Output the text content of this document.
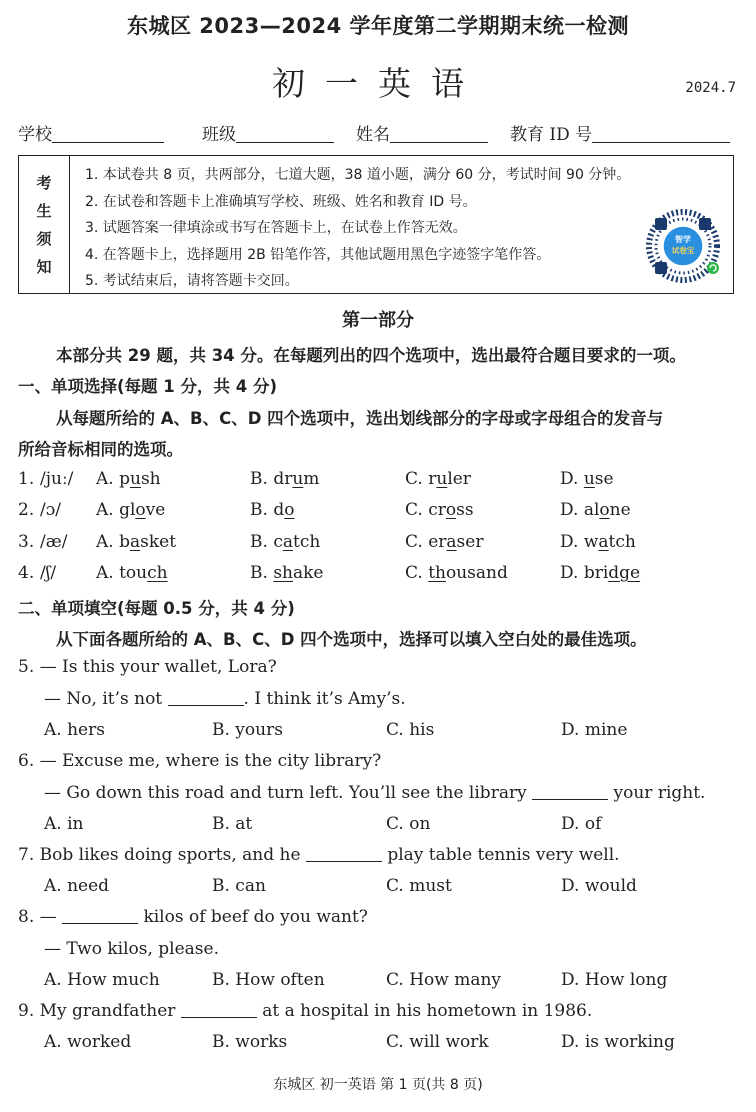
东城区 2023—2024 学年度第二学期期末统一检测
初一英语	2024.7
学校	班级	姓名	教育 ID 号
考
生
须
知
1. 本试卷共 8 页，共两部分，七道大题，38 道小题，满分 60 分，考试时间 90 分钟。
2. 在试卷和答题卡上准确填写学校、班级、姓名和教育 ID 号。
3. 试题答案一律填涂或书写在答题卡上，在试卷上作答无效。
4. 在答题卡上，选择题用 2B 铅笔作答，其他试题用黑色字迹签字笔作答。
5. 考试结束后，请将答题卡交回。
智学
试卷宝
第一部分
本部分共 29 题，共 34 分。在每题列出的四个选项中，选出最符合题目要求的一项。
一、单项选择(每题 1 分，共 4 分)
从每题所给的 A、B、C、D 四个选项中，选出划线部分的字母或字母组合的发音与
所给音标相同的选项。
1. /juː/ A. push	B. drum	C. ruler	D. use
2. /ɔ/ A. glove	B. do	C. cross	D. alone
3. /æ/ A. basket	B. catch	C. eraser	D. watch
4. /ʃ/ A. touch	B. shake	C. thousand	D. bridge
二、单项填空(每题 0.5 分，共 4 分)
从下面各题所给的 A、B、C、D 四个选项中，选择可以填入空白处的最佳选项。
5. — Is this your wallet, Lora?
— No, it’s not	. I think it’s Amy’s.
A. hers	B. yours	C. his	D. mine
6. — Excuse me, where is the city library?
— Go down this road and turn left. You’ll see the library	your right.
A. in	B. at	C. on	D. of
7. Bob likes doing sports, and he	play table tennis very well.
A. need	B. can	C. must	D. would
8. —	kilos of beef do you want?
— Two kilos, please.
A. How much	B. How often	C. How many	D. How long
9. My grandfather	at a hospital in his hometown in 1986.
A. worked	B. works	C. will work	D. is working
东城区 初一英语 第 1 页(共 8 页)
